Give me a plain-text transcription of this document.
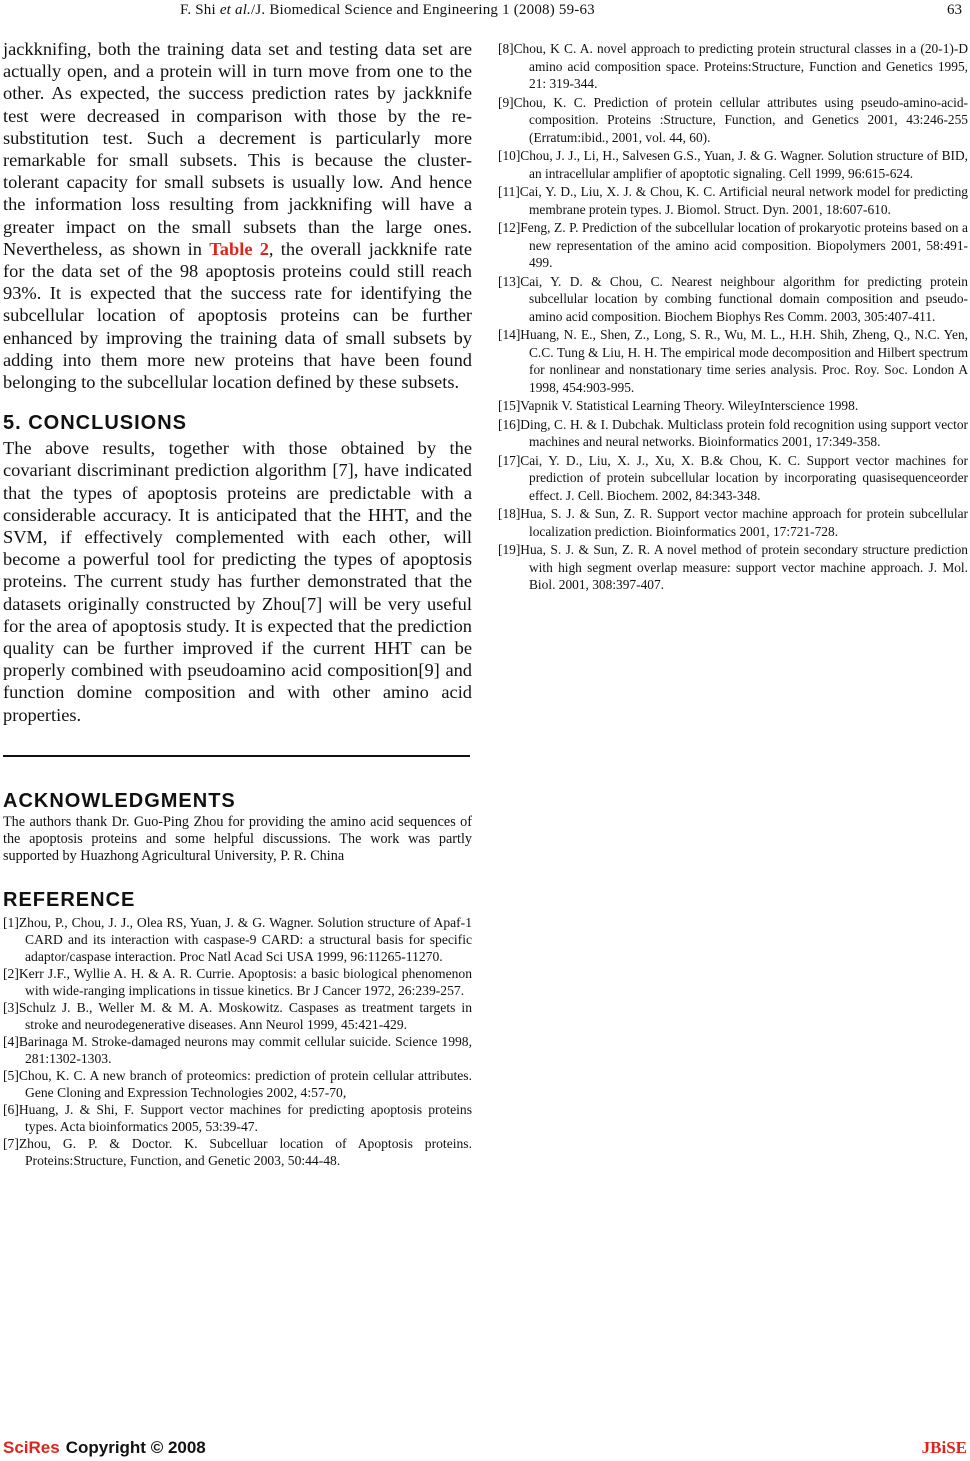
F. Shi et al./J. Biomedical Science and Engineering 1 (2008) 59-63	63

jackknifing, both the training data set and testing data set are actually open, and a protein will in turn move from one to the other. As expected, the success prediction rates by jackknife test were decreased in comparison with those by the re-substitution test. Such a decrement is particularly more remarkable for small subsets. This is because the cluster-tolerant capacity for small subsets is usually low. And hence the information loss resulting from jackknifing will have a greater impact on the small subsets than the large ones. Nevertheless, as shown in Table 2, the overall jackknife rate for the data set of the 98 apoptosis proteins could still reach 93%. It is expected that the success rate for identifying the subcellular location of apoptosis proteins can be further enhanced by improving the training data of small subsets by adding into them more new proteins that have been found belonging to the subcellular location defined by these subsets.

5. CONCLUSIONS

The above results, together with those obtained by the covariant discriminant prediction algorithm [7], have indicated that the types of apoptosis proteins are predictable with a considerable accuracy. It is anticipated that the HHT, and the SVM, if effectively complemented with each other, will become a powerful tool for predicting the types of apoptosis proteins. The current study has further demonstrated that the datasets originally constructed by Zhou[7] will be very useful for the area of apoptosis study. It is expected that the prediction quality can be further improved if the current HHT can be properly combined with pseudoamino acid composition[9] and function domine composition and with other amino acid properties.

ACKNOWLEDGMENTS

The authors thank Dr. Guo-Ping Zhou for providing the amino acid sequences of the apoptosis proteins and some helpful discussions. The work was partly supported by Huazhong Agricultural University, P. R. China

REFERENCE

[1]Zhou, P., Chou, J. J., Olea RS, Yuan, J. & G. Wagner. Solution structure of Apaf-1 CARD and its interaction with caspase-9 CARD: a structural basis for specific adaptor/caspase interaction. Proc Natl Acad Sci USA 1999, 96:11265-11270.

[2]Kerr J.F., Wyllie A. H. & A. R. Currie. Apoptosis: a basic biological phenomenon with wide-ranging implications in tissue kinetics. Br J Cancer 1972, 26:239-257.

[3]Schulz J. B., Weller M. & M. A. Moskowitz. Caspases as treatment targets in stroke and neurodegenerative diseases. Ann Neurol 1999, 45:421-429.

[4]Barinaga M. Stroke-damaged neurons may commit cellular suicide. Science 1998, 281:1302-1303.

[5]Chou, K. C. A new branch of proteomics: prediction of protein cellular attributes. Gene Cloning and Expression Technologies 2002, 4:57-70,

[6]Huang, J. & Shi, F. Support vector machines for predicting apoptosis proteins types. Acta bioinformatics 2005, 53:39-47.

[7]Zhou, G. P. & Doctor. K. Subcelluar location of Apoptosis proteins. Proteins:Structure, Function, and Genetic 2003, 50:44-48.

[8]Chou, K C. A. novel approach to predicting protein structural classes in a (20-1)-D amino acid composition space. Proteins:Structure, Function and Genetics 1995, 21: 319-344.

[9]Chou, K. C. Prediction of protein cellular attributes using pseudo-amino-acid-composition. Proteins :Structure, Function, and Genetics 2001, 43:246-255 (Erratum:ibid., 2001, vol. 44, 60).

[10]Chou, J. J., Li, H., Salvesen G.S., Yuan, J. & G. Wagner. Solution structure of BID, an intracellular amplifier of apoptotic signaling. Cell 1999, 96:615-624.

[11]Cai, Y. D., Liu, X. J. & Chou, K. C. Artificial neural network model for predicting membrane protein types. J. Biomol. Struct. Dyn. 2001, 18:607-610.

[12]Feng, Z. P. Prediction of the subcellular location of prokaryotic proteins based on a new representation of the amino acid composition. Biopolymers 2001, 58:491-499.

[13]Cai, Y. D. & Chou, C. Nearest neighbour algorithm for predicting protein subcellular location by combing functional domain composition and pseudo-amino acid composition. Biochem Biophys Res Comm. 2003, 305:407-411.

[14]Huang, N. E., Shen, Z., Long, S. R., Wu, M. L., H.H. Shih, Zheng, Q., N.C. Yen, C.C. Tung & Liu, H. H. The empirical mode decomposition and Hilbert spectrum for nonlinear and nonstationary time series analysis. Proc. Roy. Soc. London A 1998, 454:903-995.

[15]Vapnik V. Statistical Learning Theory. WileyInterscience 1998.

[16]Ding, C. H. & I. Dubchak. Multiclass protein fold recognition using support vector machines and neural networks. Bioinformatics 2001, 17:349-358.

[17]Cai, Y. D., Liu, X. J., Xu, X. B.& Chou, K. C. Support vector machines for prediction of protein subcellular location by incorporating quasisequenceorder effect. J. Cell. Biochem. 2002, 84:343-348.

[18]Hua, S. J. & Sun, Z. R. Support vector machine approach for protein subcellular localization prediction. Bioinformatics 2001, 17:721-728.

[19]Hua, S. J. & Sun, Z. R. A novel method of protein secondary structure prediction with high segment overlap measure: support vector machine approach. J. Mol. Biol. 2001, 308:397-407.

SciRes Copyright © 2008	JBiSE
